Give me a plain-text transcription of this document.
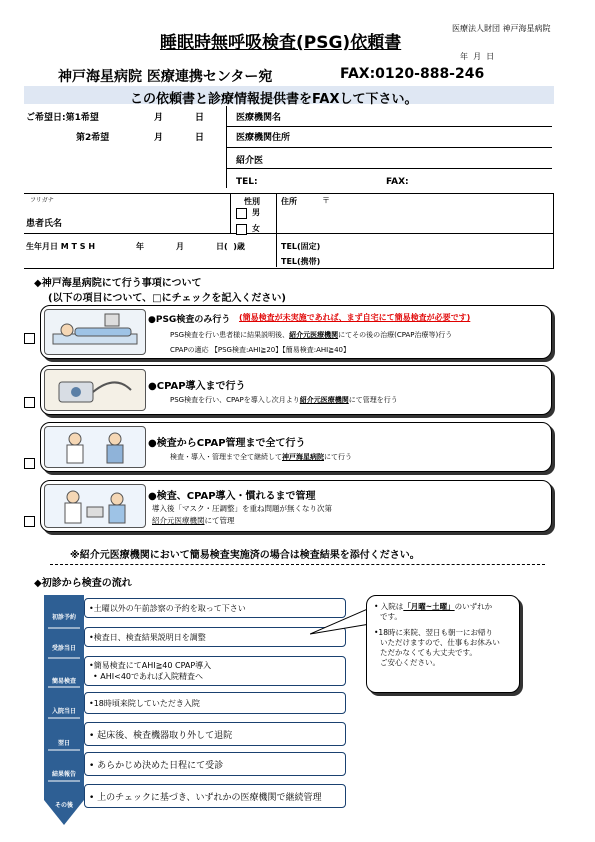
医療法人財団 神戸海星病院
睡眠時無呼吸検査(PSG)依頼書
年  月  日
神戸海星病院 医療連携センター宛	FAX:0120-888-246
この依頼書と診療情報提供書をFAXして下さい。
ご希望日:第1希望	月	日
第2希望	月	日
医療機関名
医療機関住所
紹介医
TEL:	FAX:
フリガナ
患者氏名
性別
男
女
住所	〒
生年月日 M T S H	年	月	日(  )歳	TEL(固定)
TEL(携帯)
◆神戸海星病院にて行う事項について
(以下の項目について、□にチェックを記入ください)
●PSG検査のみ行う (簡易検査が未実施であれば、まず自宅にて簡易検査が必要です)
PSG検査を行い患者様に結果説明後、紹介元医療機関にてその後の治療(CPAP治療等)行う
CPAPの適応 【PSG検査:AHI≧20】【簡易検査:AHI≧40】
●CPAP導入まで行う
PSG検査を行い、CPAPを導入し次月より紹介元医療機関にて管理を行う
●検査からCPAP管理まで全て行う
検査・導入・管理まで全て継続して神戸海星病院にて行う
●検査、CPAP導入・慣れるまで管理
導入後「マスク・圧調整」を重ね問題が無くなり次第
紹介元医療機関にて管理
※紹介元医療機関において簡易検査実施済の場合は検査結果を添付ください。
◆初診から検査の流れ
初診予約
•土曜以外の午前診察の予約を取って下さい
受診当日
•検査日、検査結果説明日を調整
簡易検査
•簡易検査にてAHI≧40 CPAP導入
• AHI<40であれば入院精査へ
入院当日
•18時頃来院していただき入院
翌日
• 起床後、検査機器取り外して退院
結果報告
• あらかじめ決めた日程にて受診
その後
• 上のチェックに基づき、いずれかの医療機関で継続管理
• 入院は「月曜~土曜」のいずれか
です。
•18時に来院、翌日も朝一にお帰り
いただけますので、仕事もお休みい
ただかなくても大丈夫です。
ご安心ください。
